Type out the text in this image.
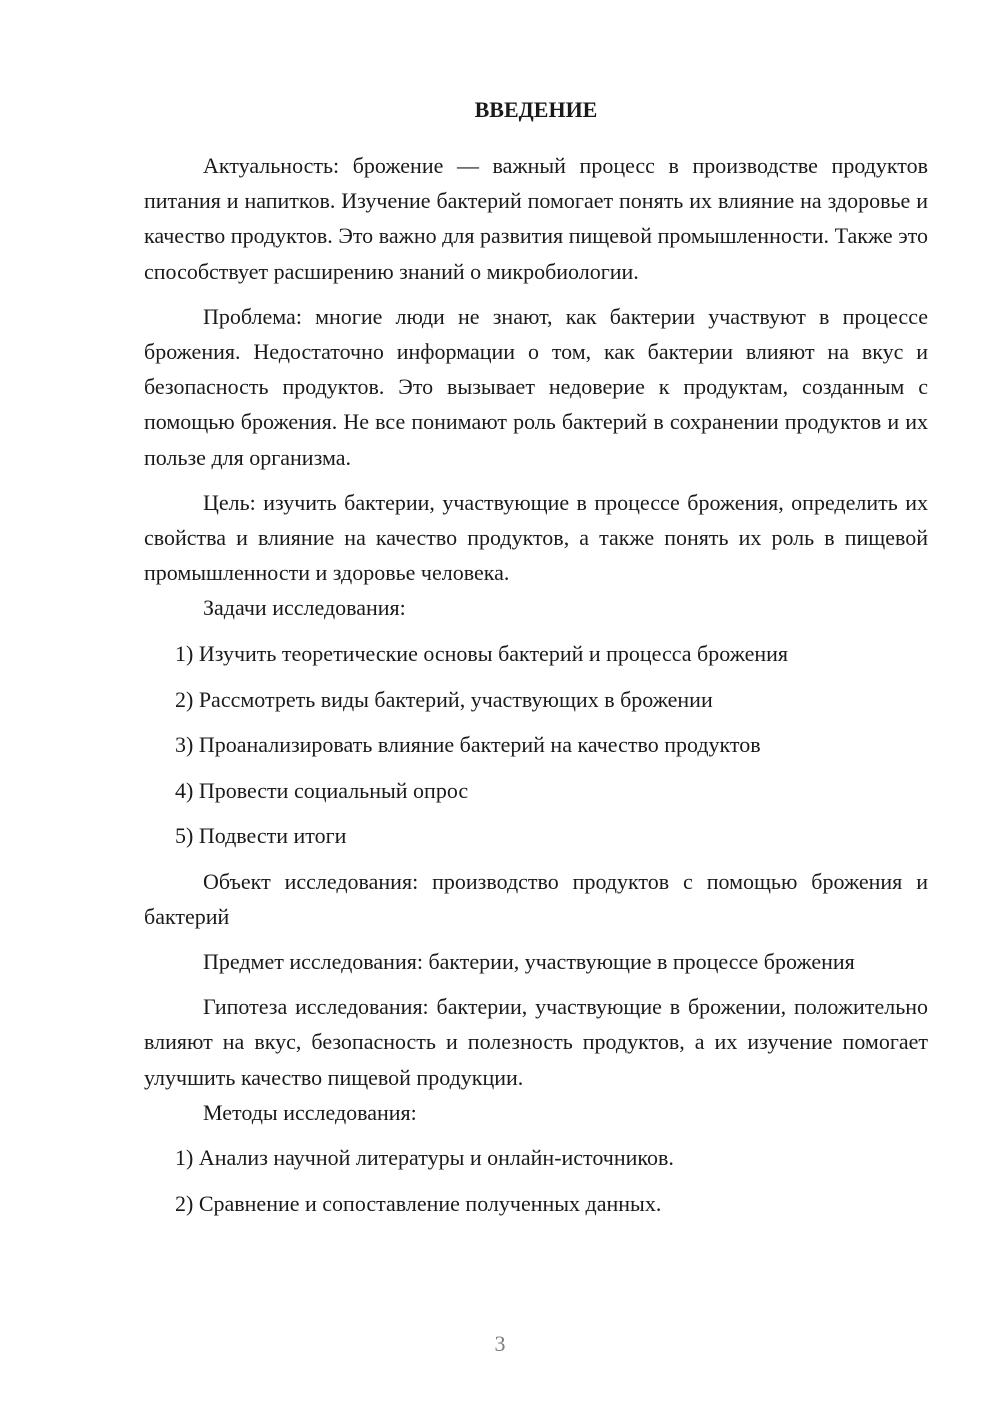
ВВЕДЕНИЕ

Актуальность: брожение — важный процесс в производстве продуктов питания и напитков. Изучение бактерий помогает понять их влияние на здоровье и качество продуктов. Это важно для развития пищевой промышленности. Также это способствует расширению знаний о микробиологии.

Проблема: многие люди не знают, как бактерии участвуют в процессе брожения. Недостаточно информации о том, как бактерии влияют на вкус и безопасность продуктов. Это вызывает недоверие к продуктам, созданным с помощью брожения. Не все понимают роль бактерий в сохранении продуктов и их пользе для организма.

Цель: изучить бактерии, участвующие в процессе брожения, определить их свойства и влияние на качество продуктов, а также понять их роль в пищевой промышленности и здоровье человека.

Задачи исследования:

1) Изучить теоретические основы бактерий и процесса брожения
2) Рассмотреть виды бактерий, участвующих в брожении
3) Проанализировать влияние бактерий на качество продуктов
4) Провести социальный опрос
5) Подвести итоги

Объект исследования: производство продуктов с помощью брожения и бактерий

Предмет исследования: бактерии, участвующие в процессе брожения

Гипотеза исследования: бактерии, участвующие в брожении, положительно влияют на вкус, безопасность и полезность продуктов, а их изучение помогает улучшить качество пищевой продукции.

Методы исследования:

1) Анализ научной литературы и онлайн-источников.
2) Сравнение и сопоставление полученных данных.
3
